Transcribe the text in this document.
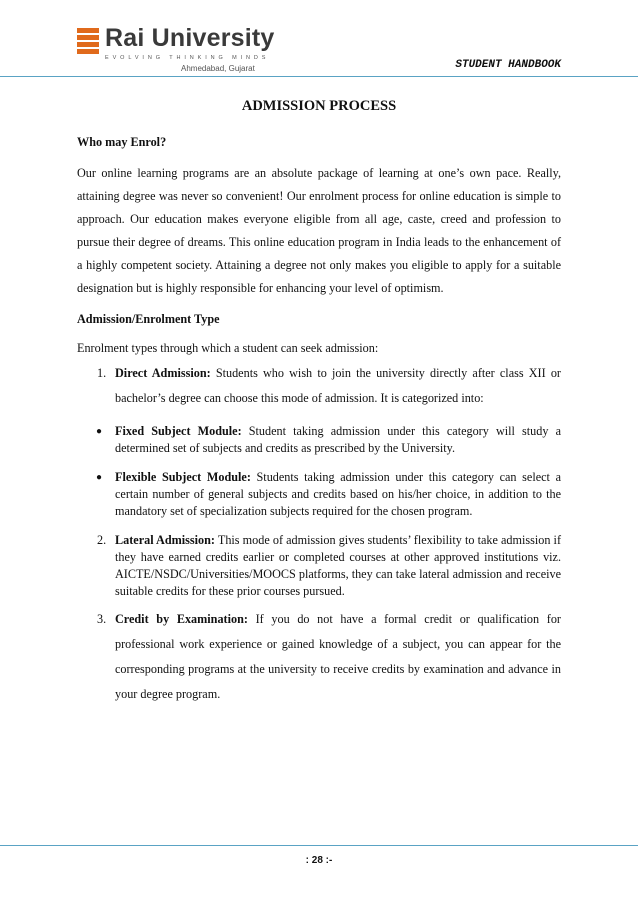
Rai University
EVOLVING THINKING MINDS
Ahmedabad, Gujarat	STUDENT HANDBOOK
ADMISSION PROCESS
Who may Enrol?

Our online learning programs are an absolute package of learning at one’s own pace. Really, attaining degree was never so convenient! Our enrolment process for online education is simple to approach. Our education makes everyone eligible from all age, caste, creed and profession to pursue their degree of dreams. This online education program in India leads to the enhancement of a highly competent society. Attaining a degree not only makes you eligible to apply for a suitable designation but is highly responsible for enhancing your level of optimism.

Admission/Enrolment Type

Enrolment types through which a student can seek admission:

1. Direct Admission: Students who wish to join the university directly after class XII or bachelor’s degree can choose this mode of admission. It is categorized into:
● Fixed Subject Module: Student taking admission under this category will study a determined set of subjects and credits as prescribed by the University.
● Flexible Subject Module: Students taking admission under this category can select a certain number of general subjects and credits based on his/her choice, in addition to the mandatory set of specialization subjects required for the chosen program.
2. Lateral Admission: This mode of admission gives students’ flexibility to take admission if they have earned credits earlier or completed courses at other approved institutions viz. AICTE/NSDC/Universities/MOOCS platforms, they can take lateral admission and receive suitable credits for these prior courses pursued.
3. Credit by Examination: If you do not have a formal credit or qualification for professional work experience or gained knowledge of a subject, you can appear for the corresponding programs at the university to receive credits by examination and advance in your degree program.
: 28 :-
